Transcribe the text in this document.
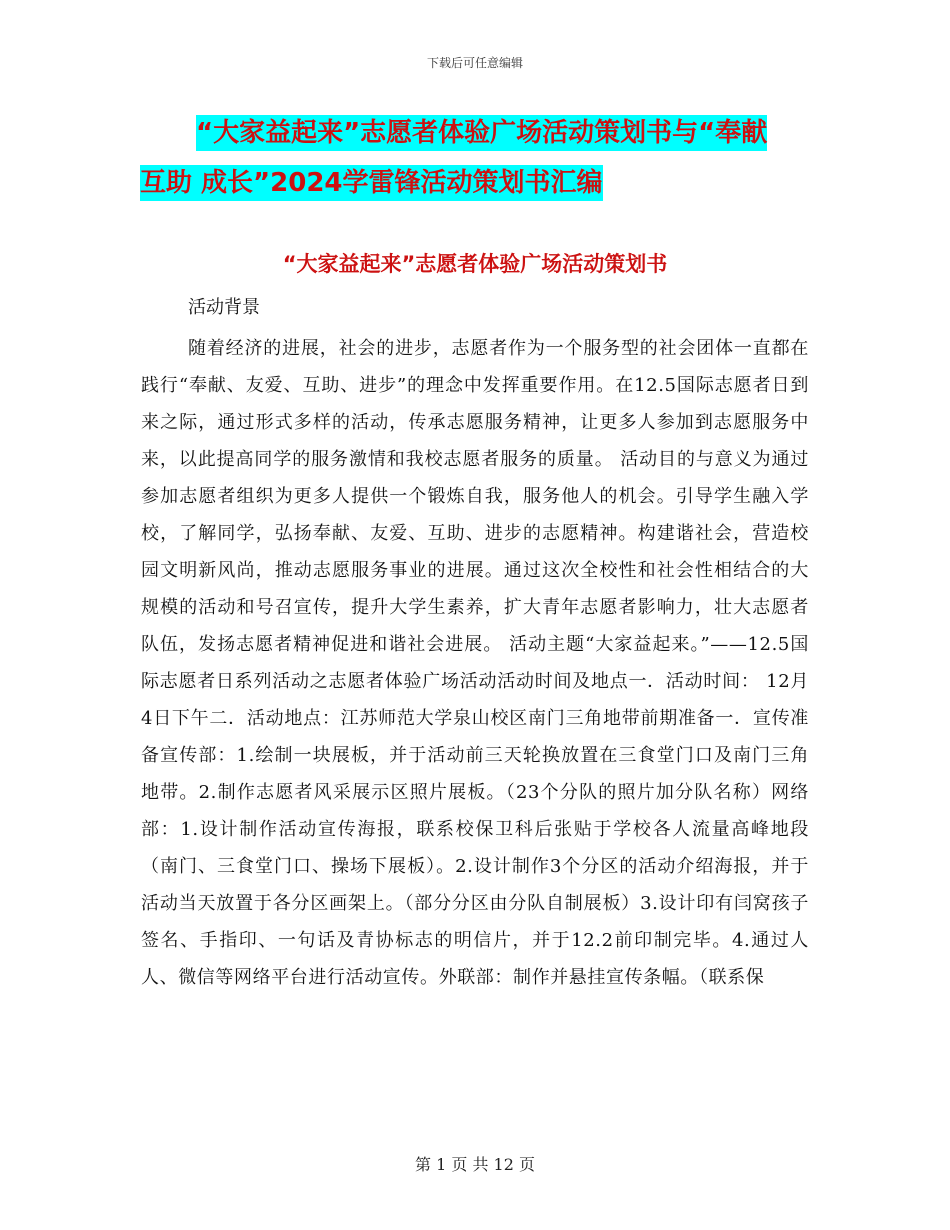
下载后可任意编辑
“大家益起来”志愿者体验广场活动策划书与“奉献
互助 成长”2024学雷锋活动策划书汇编
“大家益起来”志愿者体验广场活动策划书
活动背景
随着经济的进展，社会的进步，志愿者作为一个服务型的社会团体一直都在践行“奉献、友爱、互助、进步”的理念中发挥重要作用。在12.5国际志愿者日到来之际，通过形式多样的活动，传承志愿服务精神，让更多人参加到志愿服务中来，以此提高同学的服务激情和我校志愿者服务的质量。 活动目的与意义为通过参加志愿者组织为更多人提供一个锻炼自我，服务他人的机会。引导学生融入学校，了解同学，弘扬奉献、友爱、互助、进步的志愿精神。构建谐社会，营造校园文明新风尚，推动志愿服务事业的进展。通过这次全校性和社会性相结合的大规模的活动和号召宣传，提升大学生素养，扩大青年志愿者影响力，壮大志愿者队伍，发扬志愿者精神促进和谐社会进展。 活动主题“大家益起来。”——12.5国际志愿者日系列活动之志愿者体验广场活动活动时间及地点一．活动时间： 12月4日下午二．活动地点：江苏师范大学泉山校区南门三角地带前期准备一．宣传准备宣传部：1.绘制一块展板，并于活动前三天轮换放置在三食堂门口及南门三角地带。2.制作志愿者风采展示区照片展板。（23个分队的照片加分队名称）网络部：1.设计制作活动宣传海报，联系校保卫科后张贴于学校各人流量高峰地段（南门、三食堂门口、操场下展板）。2.设计制作3个分区的活动介绍海报，并于活动当天放置于各分区画架上。（部分分区由分队自制展板）3.设计印有闫窝孩子签名、手指印、一句话及青协标志的明信片，并于12.2前印制完毕。4.通过人人、微信等网络平台进行活动宣传。外联部：制作并悬挂宣传条幅。（联系保
第 1 页 共 12 页
